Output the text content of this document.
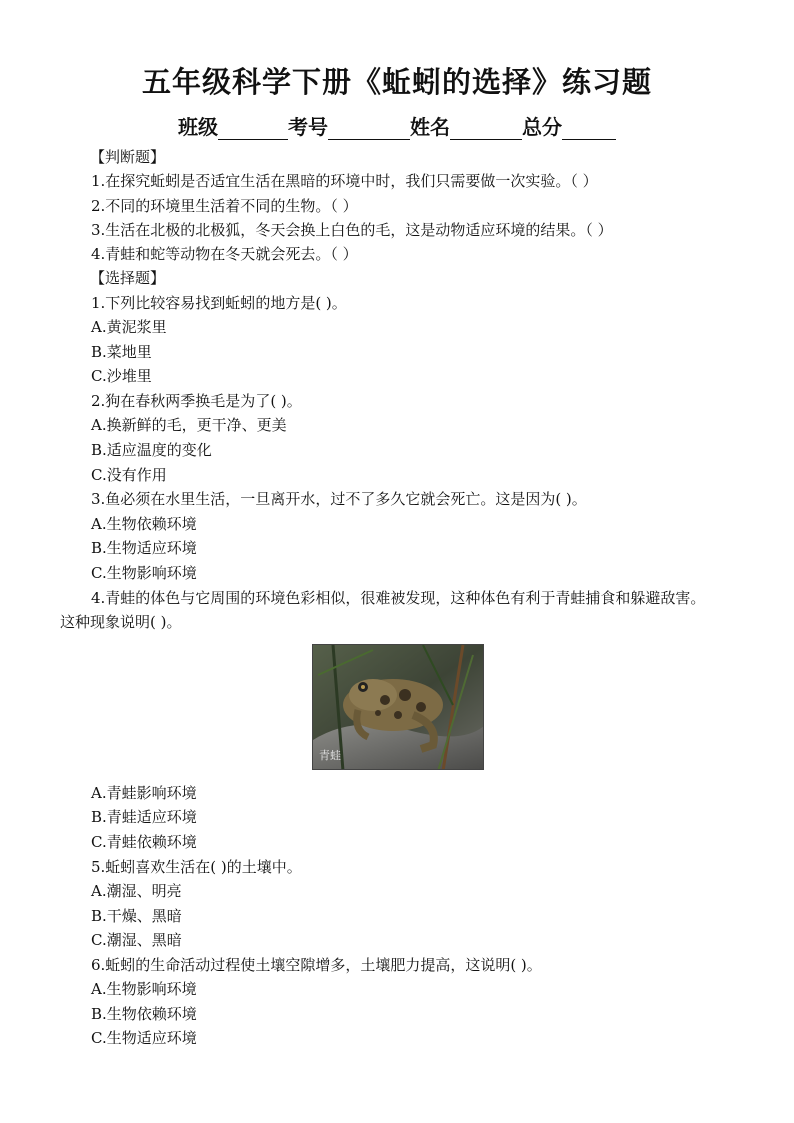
五年级科学下册《蚯蚓的选择》练习题
班级	考号	姓名	总分
【判断题】
1.在探究蚯蚓是否适宜生活在黑暗的环境中时，我们只需要做一次实验。（ ）
2.不同的环境里生活着不同的生物。（ ）
3.生活在北极的北极狐，冬天会换上白色的毛，这是动物适应环境的结果。（ ）
4.青蛙和蛇等动物在冬天就会死去。（ ）
【选择题】
1.下列比较容易找到蚯蚓的地方是( )。
A.黄泥浆里
B.菜地里
C.沙堆里
2.狗在春秋两季换毛是为了( )。
A.换新鲜的毛，更干净、更美
B.适应温度的变化
C.没有作用
3.鱼必须在水里生活，一旦离开水，过不了多久它就会死亡。这是因为( )。
A.生物依赖环境
B.生物适应环境
C.生物影响环境
4.青蛙的体色与它周围的环境色彩相似，很难被发现，这种体色有利于青蛙捕食和躲避敌害。
这种现象说明( )。
青蛙
A.青蛙影响环境
B.青蛙适应环境
C.青蛙依赖环境
5.蚯蚓喜欢生活在( )的土壤中。
A.潮湿、明亮
B.干燥、黑暗
C.潮湿、黑暗
6.蚯蚓的生命活动过程使土壤空隙增多，土壤肥力提高，这说明( )。
A.生物影响环境
B.生物依赖环境
C.生物适应环境
